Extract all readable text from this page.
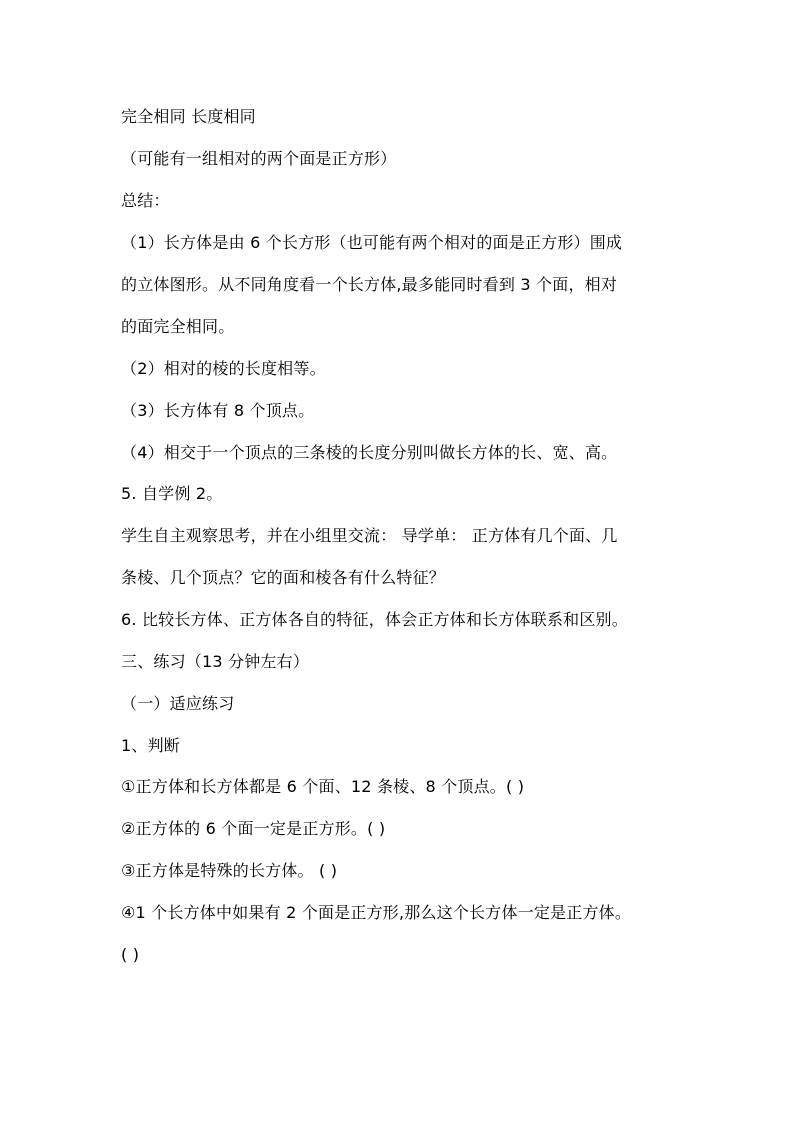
完全相同 长度相同
（可能有一组相对的两个面是正方形）
总结：
（1）长方体是由 6 个长方形（也可能有两个相对的面是正方形）围成
的立体图形。从不同角度看一个长方体,最多能同时看到 3 个面，相对
的面完全相同。
（2）相对的棱的长度相等。
（3）长方体有 8 个顶点。
（4）相交于一个顶点的三条棱的长度分别叫做长方体的长、宽、高。
5. 自学例 2。
学生自主观察思考，并在小组里交流： 导学单： 正方体有几个面、几
条棱、几个顶点？它的面和棱各有什么特征？
6. 比较长方体、正方体各自的特征，体会正方体和长方体联系和区别。
三、练习（13 分钟左右）
（一）适应练习
1、判断
①正方体和长方体都是 6 个面、12 条棱、8 个顶点。( )
②正方体的 6 个面一定是正方形。( )
③正方体是特殊的长方体。 ( )
④1 个长方体中如果有 2 个面是正方形,那么这个长方体一定是正方体。
( )
